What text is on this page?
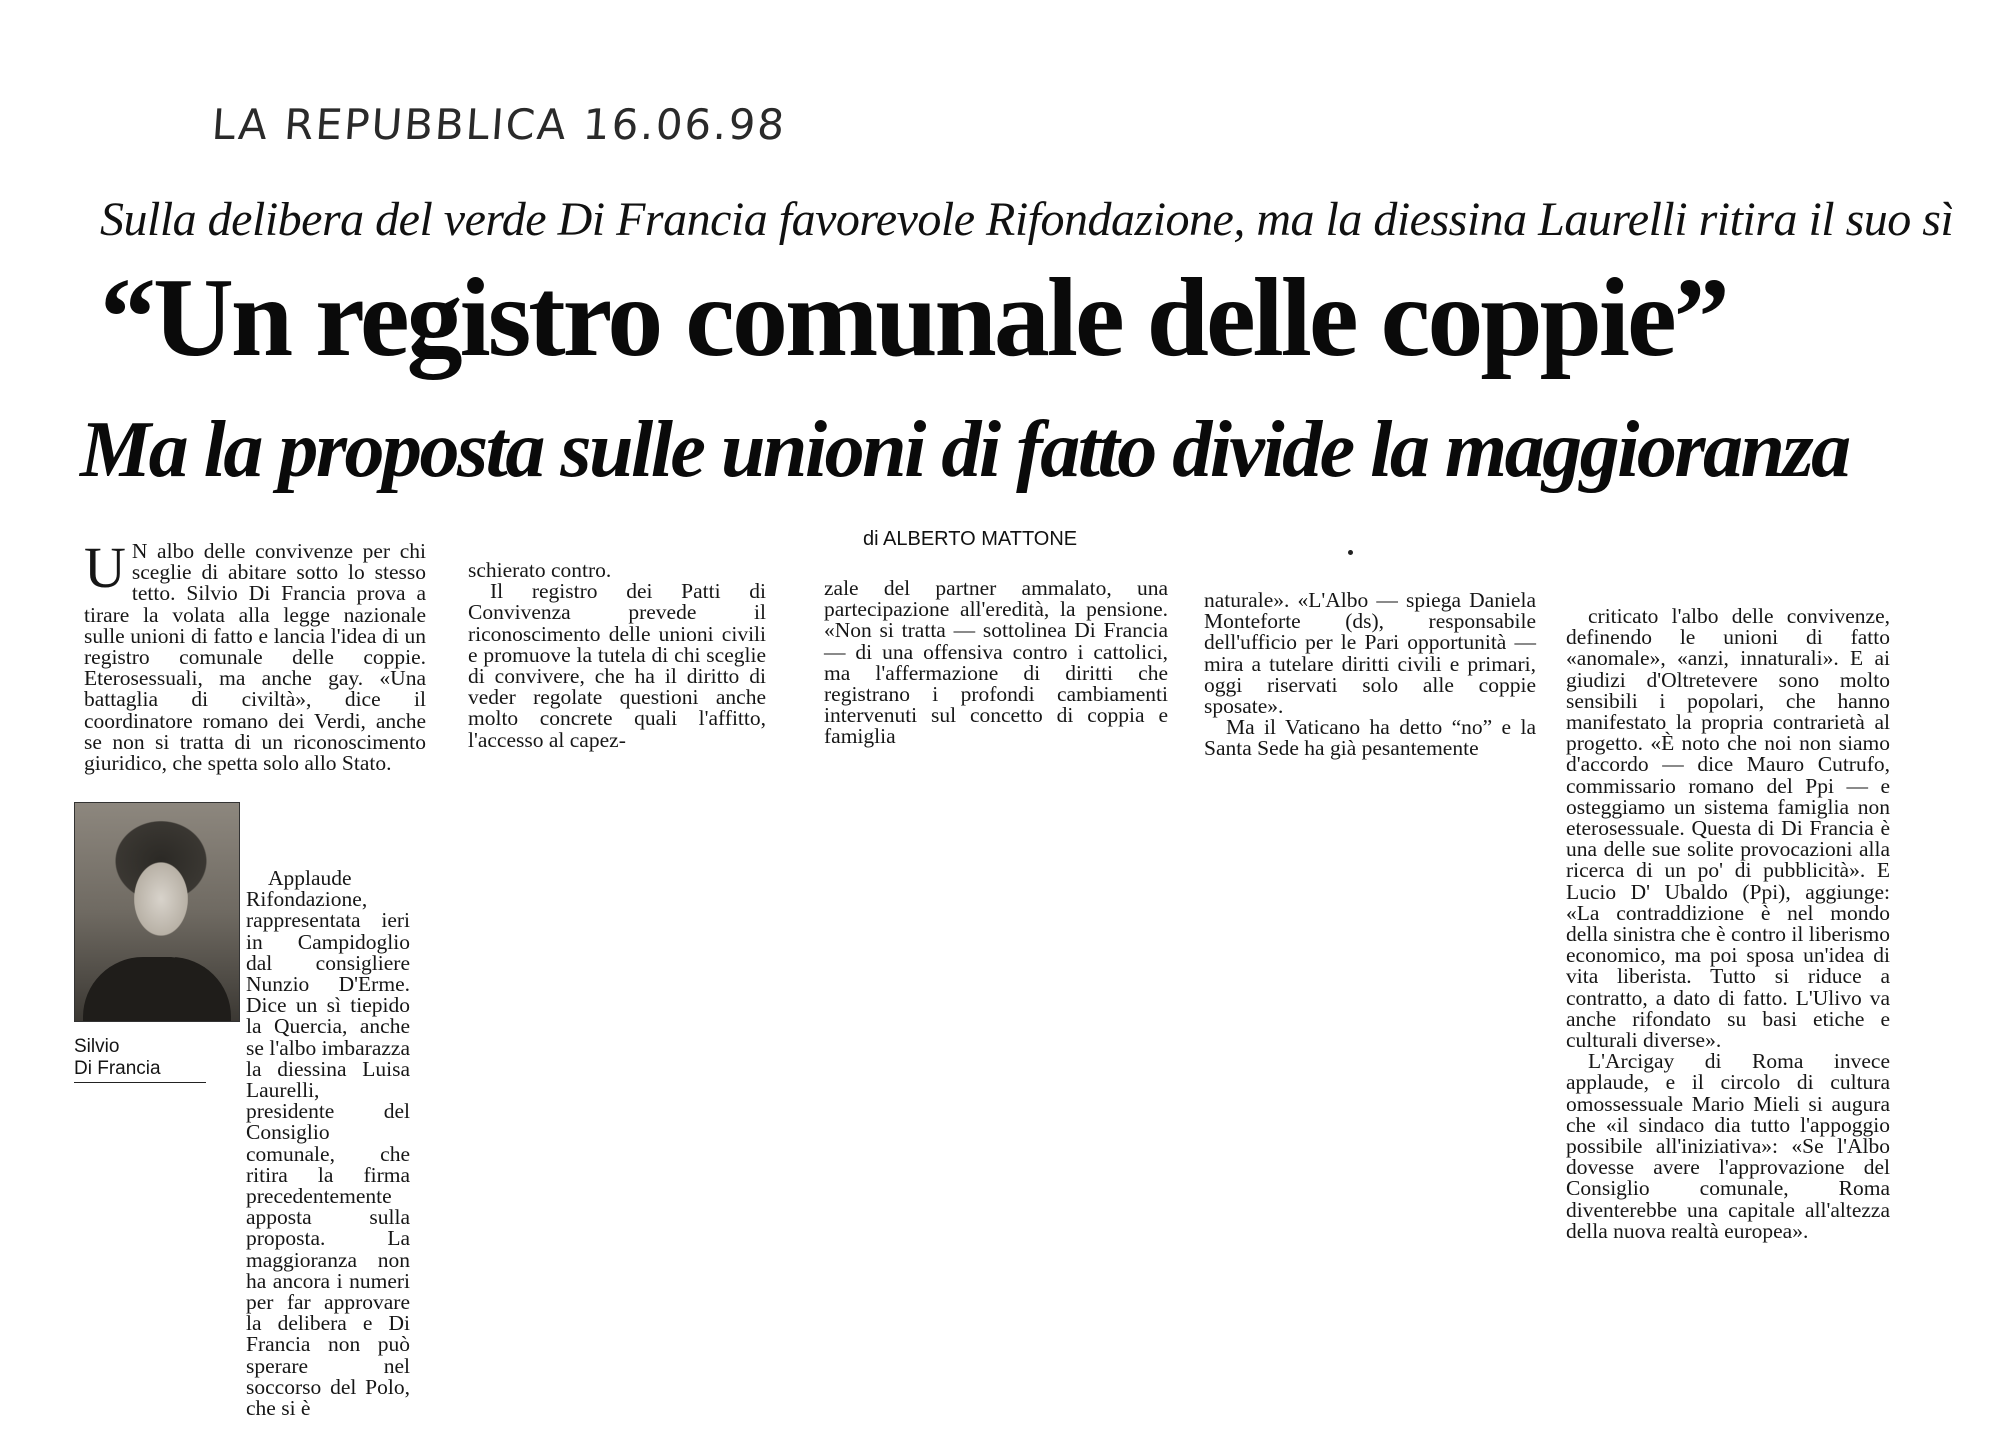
LA REPUBBLICA 16.06.98
Sulla delibera del verde Di Francia favorevole Rifondazione, ma la diessina Laurelli ritira il suo sì
“Un registro comunale delle coppie”
Ma la proposta sulle unioni di fatto divide la maggioranza
di ALBERTO MATTONE

U N albo delle convivenze per chi sceglie di abitare sotto lo stesso tetto. Silvio Di Francia prova a tirare la volata alla legge nazionale sulle unioni di fatto e lancia l'idea di un registro comunale delle coppie. Eterosessuali, ma anche gay. «Una battaglia di civiltà», dice il coordinatore romano dei Verdi, anche se non si tratta di un riconoscimento giuridico, che spetta solo allo Stato.

Silvio
Di Francia

Applaude Rifondazione, rappresentata ieri in Campidoglio dal consigliere Nunzio D'Erme. Dice un sì tiepido la Quercia, anche se l'albo imbarazza la diessina Luisa Laurelli, presidente del Consiglio comunale, che ritira la firma precedentemente apposta sulla proposta. La maggioranza non ha ancora i numeri per far approvare la delibera e Di Francia non può sperare nel soccorso del Polo, che si è

schierato contro.

Il registro dei Patti di Convivenza prevede il riconoscimento delle unioni civili e promuove la tutela di chi sceglie di convivere, che ha il diritto di veder regolate questioni anche molto concrete quali l'affitto, l'accesso al capez-

zale del partner ammalato, una partecipazione all'eredità, la pensione. «Non si tratta — sottolinea Di Francia — di una offensiva contro i cattolici, ma l'affermazione di diritti che registrano i profondi cambiamenti intervenuti sul concetto di coppia e famiglia

naturale». «L'Albo — spiega Daniela Monteforte (ds), responsabile dell'ufficio per le Pari opportunità — mira a tutelare diritti civili e primari, oggi riservati solo alle coppie sposate».

Ma il Vaticano ha detto “no” e la Santa Sede ha già pesantemente

criticato l'albo delle convivenze, definendo le unioni di fatto «anomale», «anzi, innaturali». E ai giudizi d'Oltretevere sono molto sensibili i popolari, che hanno manifestato la propria contrarietà al progetto. «È noto che noi non siamo d'accordo — dice Mauro Cutrufo, commissario romano del Ppi — e osteggiamo un sistema famiglia non eterosessuale. Questa di Di Francia è una delle sue solite provocazioni alla ricerca di un po' di pubblicità». E Lucio D' Ubaldo (Ppi), aggiunge: «La contraddizione è nel mondo della sinistra che è contro il liberismo economico, ma poi sposa un'idea di vita liberista. Tutto si riduce a contratto, a dato di fatto. L'Ulivo va anche rifondato su basi etiche e culturali diverse».

L'Arcigay di Roma invece applaude, e il circolo di cultura omossessuale Mario Mieli si augura che «il sindaco dia tutto l'appoggio possibile all'iniziativa»: «Se l'Albo dovesse avere l'approvazione del Consiglio comunale, Roma diventerebbe una capitale all'altezza della nuova realtà europea».
